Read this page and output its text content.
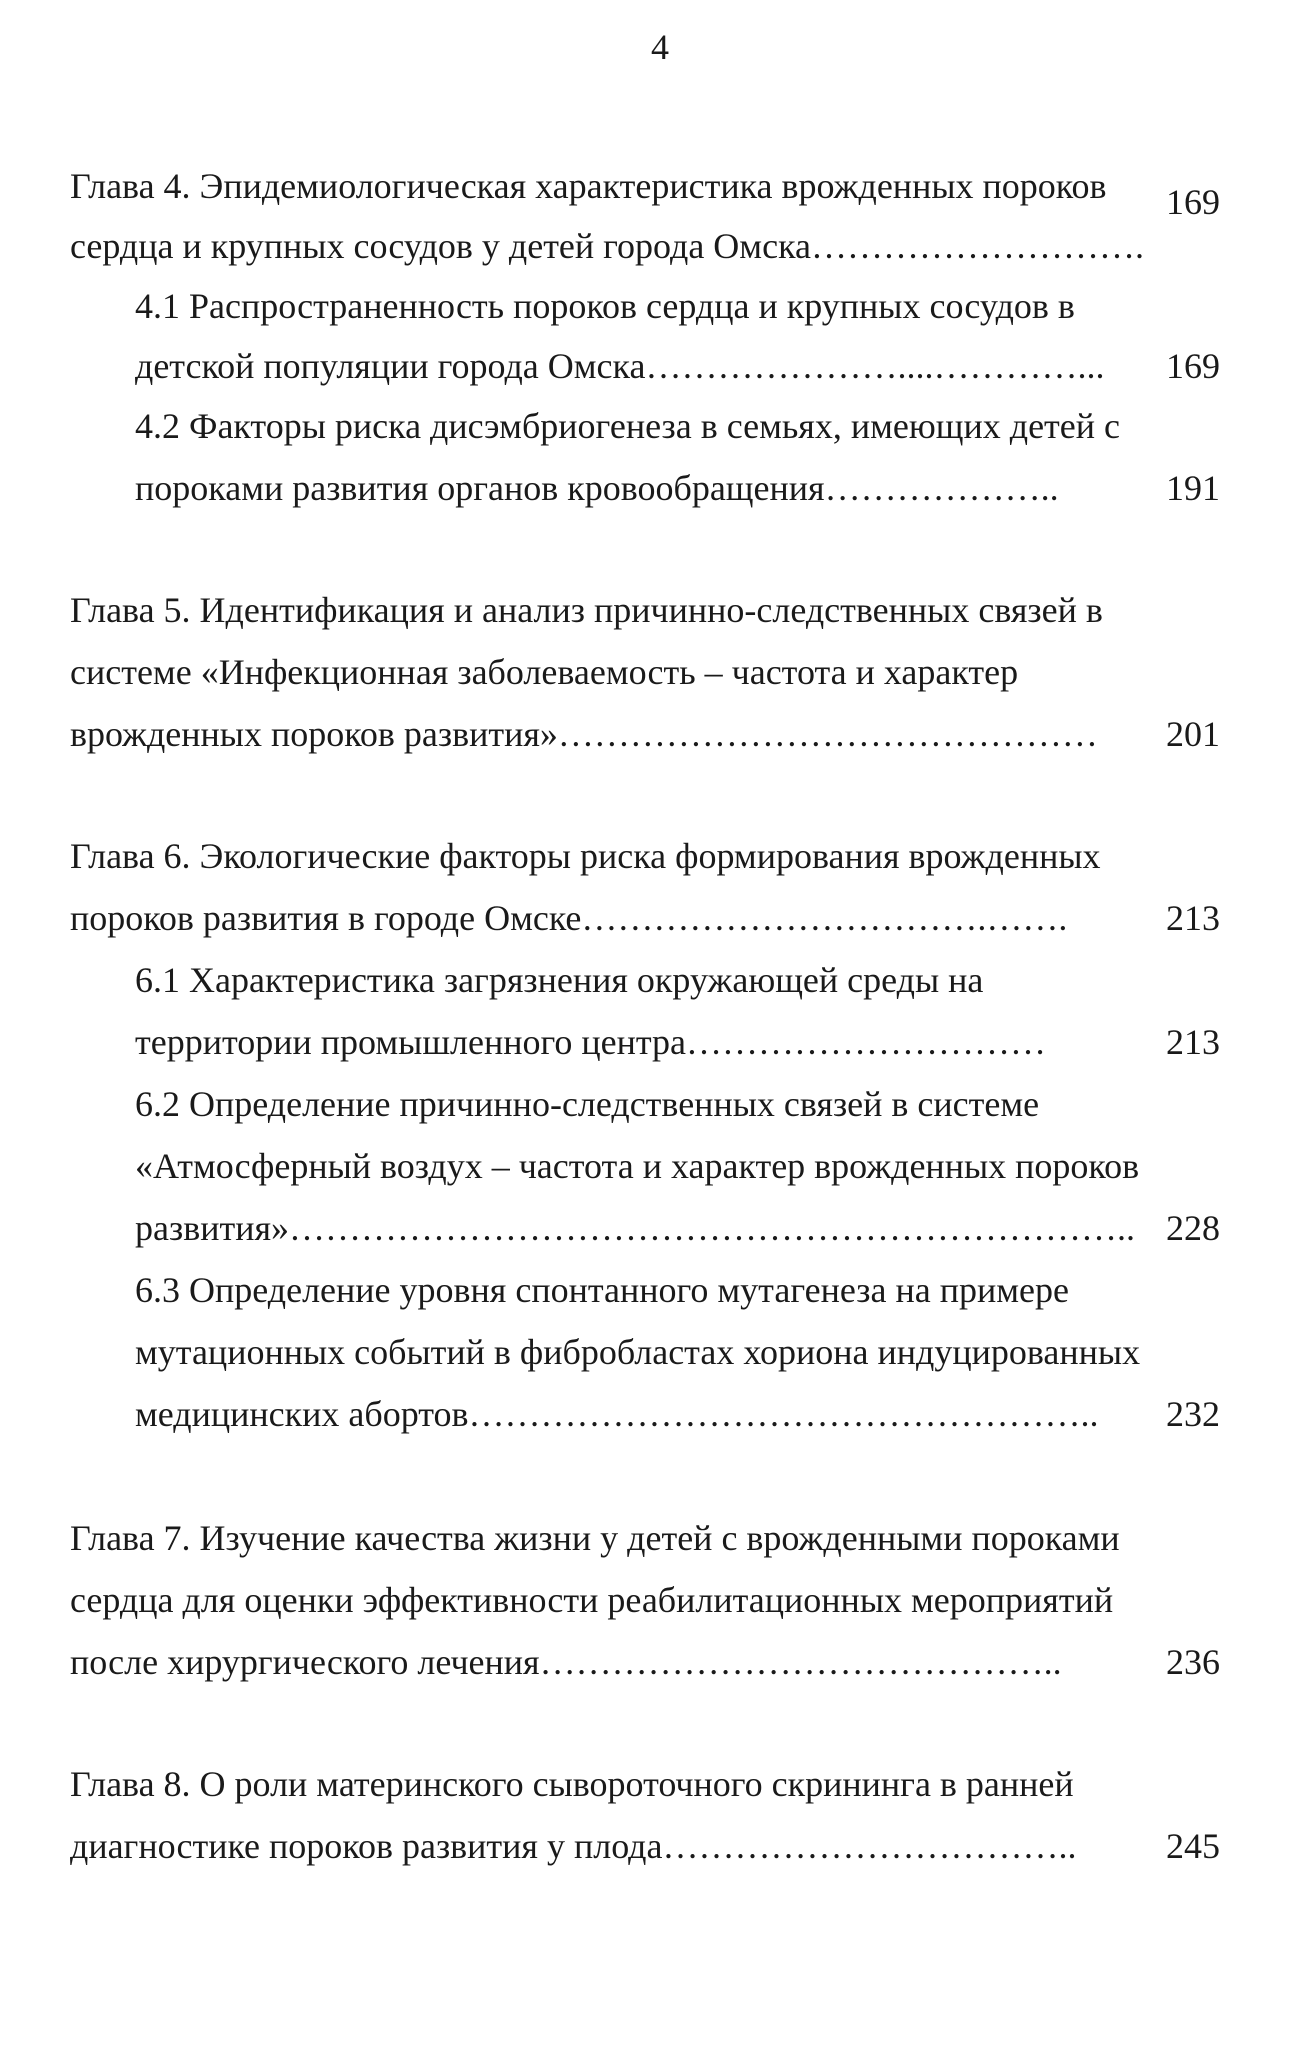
4
Глава 4. Эпидемиологическая характеристика врожденных пороков
сердца и крупных сосудов у детей города Омска……………………….
169
4.1 Распространенность пороков сердца и крупных сосудов в
детской популяции города Омска…………………....…………...	169
4.2 Факторы риска дисэмбриогенеза в семьях, имеющих детей с
пороками развития органов кровообращения………………..	191
Глава 5. Идентификация и анализ причинно-следственных связей в
системе «Инфекционная заболеваемость – частота и характер
врожденных пороков развития»………………………………………	201
Глава 6. Экологические факторы риска формирования врожденных
пороков развития в городе Омске…………………………….…….	213
6.1 Характеристика загрязнения окружающей среды на
территории промышленного центра…………………………	213
6.2 Определение причинно-следственных связей в системе
«Атмосферный воздух – частота и характер врожденных пороков
развития»…………………………………………………………….. 228
6.3 Определение уровня спонтанного мутагенеза на примере
мутационных событий в фибробластах хориона индуцированных
медицинских абортов……………………………………………..	232
Глава 7. Изучение качества жизни у детей с врожденными пороками
сердца для оценки эффективности реабилитационных мероприятий
после хирургического лечения……………………………………..	236
Глава 8. О роли материнского сывороточного скрининга в ранней
диагностике пороков развития у плода……………………………..	245
